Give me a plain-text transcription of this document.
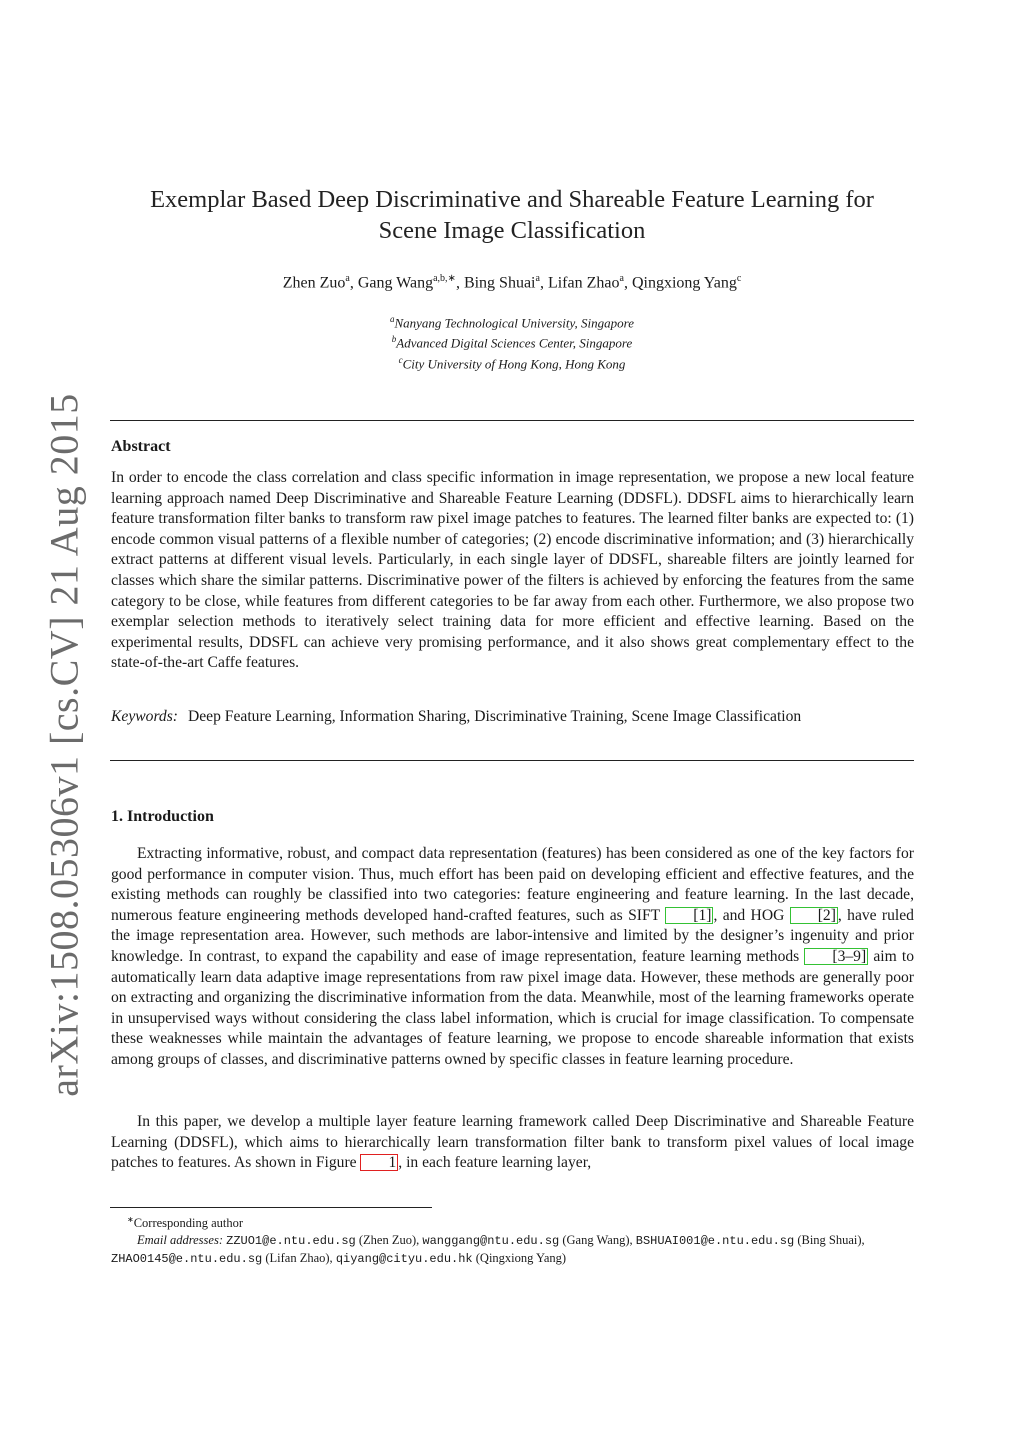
arXiv:1508.05306v1 [cs.CV] 21 Aug 2015
Exemplar Based Deep Discriminative and Shareable Feature Learning for
Scene Image Classification
Zhen Zuo$^a$, Gang Wang$^{a,b,∗}$, Bing Shuai$^a$, Lifan Zhao$^a$, Qingxiong Yang$^c$
$^a$Nanyang Technological University, Singapore
$^b$Advanced Digital Sciences Center, Singapore
$^c$City University of Hong Kong, Hong Kong
Abstract
In order to encode the class correlation and class specific information in image representation, we propose a new local feature learning approach named Deep Discriminative and Shareable Feature Learning (DDSFL). DDSFL aims to hierarchically learn feature transformation filter banks to transform raw pixel image patches to features. The learned filter banks are expected to: (1) encode common visual patterns of a flexible number of categories; (2) encode discriminative information; and (3) hierarchically extract patterns at different visual levels. Particularly, in each single layer of DDSFL, shareable filters are jointly learned for classes which share the similar patterns. Discriminative power of the filters is achieved by enforcing the features from the same category to be close, while features from different categories to be far away from each other. Furthermore, we also propose two exemplar selection methods to iteratively select training data for more efficient and effective learning. Based on the experimental results, DDSFL can achieve very promising performance, and it also shows great complementary effect to the state-of-the-art Caffe features.
Keywords: Deep Feature Learning, Information Sharing, Discriminative Training, Scene Image Classification
1. Introduction

Extracting informative, robust, and compact data representation (features) has been considered as one of the key factors for good performance in computer vision. Thus, much effort has been paid on developing efficient and effective features, and the existing methods can roughly be classified into two categories: feature engineering and feature learning. In the last decade, numerous feature engineering methods developed hand-crafted features, such as SIFT [1] , and HOG [2] , have ruled the image representation area. However, such methods are labor-intensive and limited by the designer’s ingenuity and prior knowledge. In contrast, to expand the capability and ease of image representation, feature learning methods [3–9] aim to automatically learn data adaptive image representations from raw pixel image data. However, these methods are generally poor on extracting and organizing the discriminative information from the data. Meanwhile, most of the learning frameworks operate in unsupervised ways without considering the class label information, which is crucial for image classification. To compensate these weaknesses while maintain the advantages of feature learning, we propose to encode shareable information that exists among groups of classes, and discriminative patterns owned by specific classes in feature learning procedure.

In this paper, we develop a multiple layer feature learning framework called Deep Discriminative and Shareable Feature Learning (DDSFL), which aims to hierarchically learn transformation filter bank to transform pixel values of local image patches to features. As shown in Figure 1 , in each feature learning layer,

∗Corresponding author
Email addresses: ZZUO1@e.ntu.edu.sg (Zhen Zuo), wanggang@ntu.edu.sg (Gang Wang), BSHUAI001@e.ntu.edu.sg (Bing Shuai), ZHAO0145@e.ntu.edu.sg (Lifan Zhao), qiyang@cityu.edu.hk (Qingxiong Yang)
